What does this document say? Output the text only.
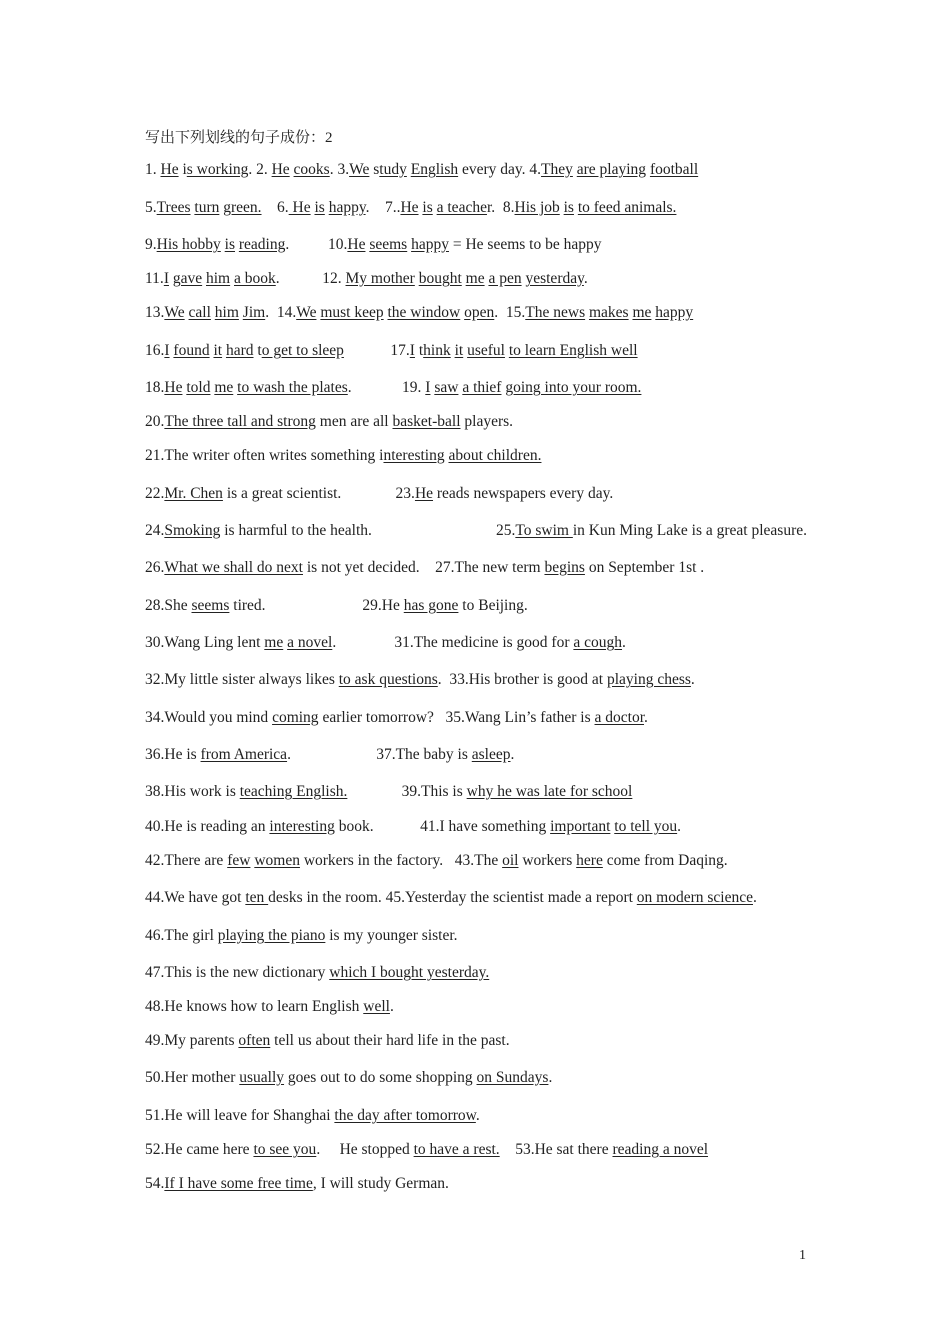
写出下列划线的句子成份：2
1. He is working. 2. He cooks. 3.We study English every day. 4.They are playing football
5.Trees turn green.    6. He is happy.    7..He is a teacher.  8.His job is to feed animals.
9.His hobby is reading.          10.He seems happy = He seems to be happy
11.I gave him a book.           12. My mother bought me a pen yesterday.
13.We call him Jim.  14.We must keep the window open.  15.The news makes me happy
16.I found it hard to get to sleep            17.I think it useful to learn English well
18.He told me to wash the plates.             19. I saw a thief going into your room.
20.The three tall and strong men are all basket-ball players.
21.The writer often writes something interesting about children.
22.Mr. Chen is a great scientist.              23.He reads newspapers every day.
24.Smoking is harmful to the health.	25.To swim in Kun Ming Lake is a great pleasure.
26.What we shall do next is not yet decided.    27.The new term begins on September 1st .
28.She seems tired.                         29.He has gone to Beijing.
30.Wang Ling lent me a novel.               31.The medicine is good for a cough.
32.My little sister always likes to ask questions.  33.His brother is good at playing chess.
34.Would you mind coming earlier tomorrow?   35.Wang Lin’s father is a doctor.
36.He is from America.                      37.The baby is asleep.
38.His work is teaching English.              39.This is why he was late for school
40.He is reading an interesting book.            41.I have something important to tell you.
42.There are few women workers in the factory.   43.The oil workers here come from Daqing.
44.We have got ten desks in the room. 45.Yesterday the scientist made a report on modern science.
46.The girl playing the piano is my younger sister.
47.This is the new dictionary which I bought yesterday.
48.He knows how to learn English well.
49.My parents often tell us about their hard life in the past.
50.Her mother usually goes out to do some shopping on Sundays.
51.He will leave for Shanghai the day after tomorrow.
52.He came here to see you.     He stopped to have a rest.    53.He sat there reading a novel
54.If I have some free time, I will study German.
1
